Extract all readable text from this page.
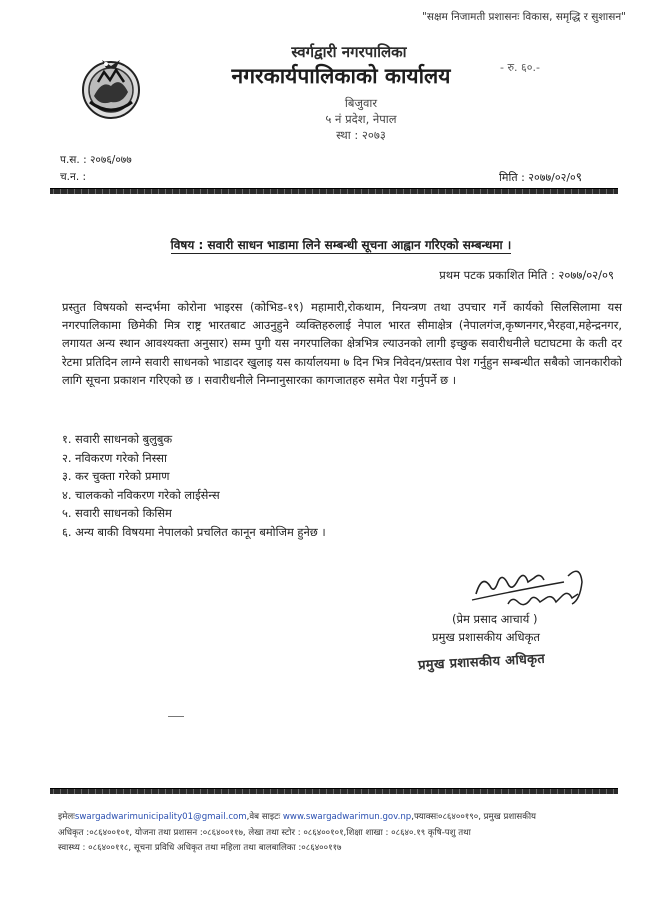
"सक्षम निजामती प्रशासनः विकास, समृद्धि र सुशासन"
स्वर्गद्वारी नगरपालिका
नगरकार्यपालिकाको कार्यालय
बिजुवार
५ नं प्रदेश, नेपाल
स्था : २०७३
- रु. ६०.-
प.स. : २०७६/०७७
च.न. :	मिति : २०७७/०२/०९
विषय : सवारी साधन भाडामा लिने सम्बन्धी सूचना आह्वान गरिएको सम्बन्धमा ।
प्रथम पटक प्रकाशित मिति : २०७७/०२/०९
प्रस्तुत विषयको सन्दर्भमा कोरोना भाइरस (कोभिड-१९) महामारी,रोकथाम, नियन्त्रण तथा उपचार गर्ने कार्यको सिलसिलामा यस नगरपालिकामा छिमेकी मित्र राष्ट्र भारतबाट आउनुहुने व्यक्तिहरुलाई नेपाल भारत सीमाक्षेत्र (नेपालगंज,कृष्णनगर,भैरहवा,महेन्द्रनगर, लगायत अन्य स्थान आवश्यक्ता अनुसार) सम्म पुगी यस नगरपालिका क्षेत्रभित्र ल्याउनको लागी इच्छुक सवारीधनीले घटाघटमा के कती दर रेटमा प्रतिदिन लाग्ने सवारी साधनको भाडादर खुलाइ यस कार्यालयमा ७ दिन भित्र निवेदन/प्रस्ताव पेश गर्नुहुन सम्बन्धीत सबैको जानकारीको लागि सूचना प्रकाशन गरिएको छ । सवारीधनीले निम्नानुसारका कागजातहरु समेत पेश गर्नुपर्ने छ ।
१. सवारी साधनको बुलुबुक
२. नविकरण गरेको निस्सा
३. कर चुक्ता गरेको प्रमाण
४. चालकको नविकरण गरेको लाईसेन्स
५. सवारी साधनको किसिम
६. अन्य बाकी विषयमा नेपालको प्रचलित कानून बमोजिम हुनेछ ।
(प्रेम प्रसाद आचार्य )
प्रमुख प्रशासकीय अधिकृत
प्रमुख प्रशासकीय अधिकृत
इमेलःswargadwarimunicipality01@gmail.com,वेब साइटः www.swargadwarimun.gov.np,फ्याक्सः०८६४००१९०, प्रमुख प्रशासकीय
अधिकृत :०८६४००१०१, योजना तथा प्रशासन :०८६४००११७, लेखा तथा स्टोर : ०८६४००१०१,शिक्षा शाखा : ०८६४०.१९ कृषि-पशु तथा
स्वास्थ्य : ०८६४००११८, सूचना प्रविधि अधिकृत तथा महिला तथा बालबालिका :०८६४००११७
